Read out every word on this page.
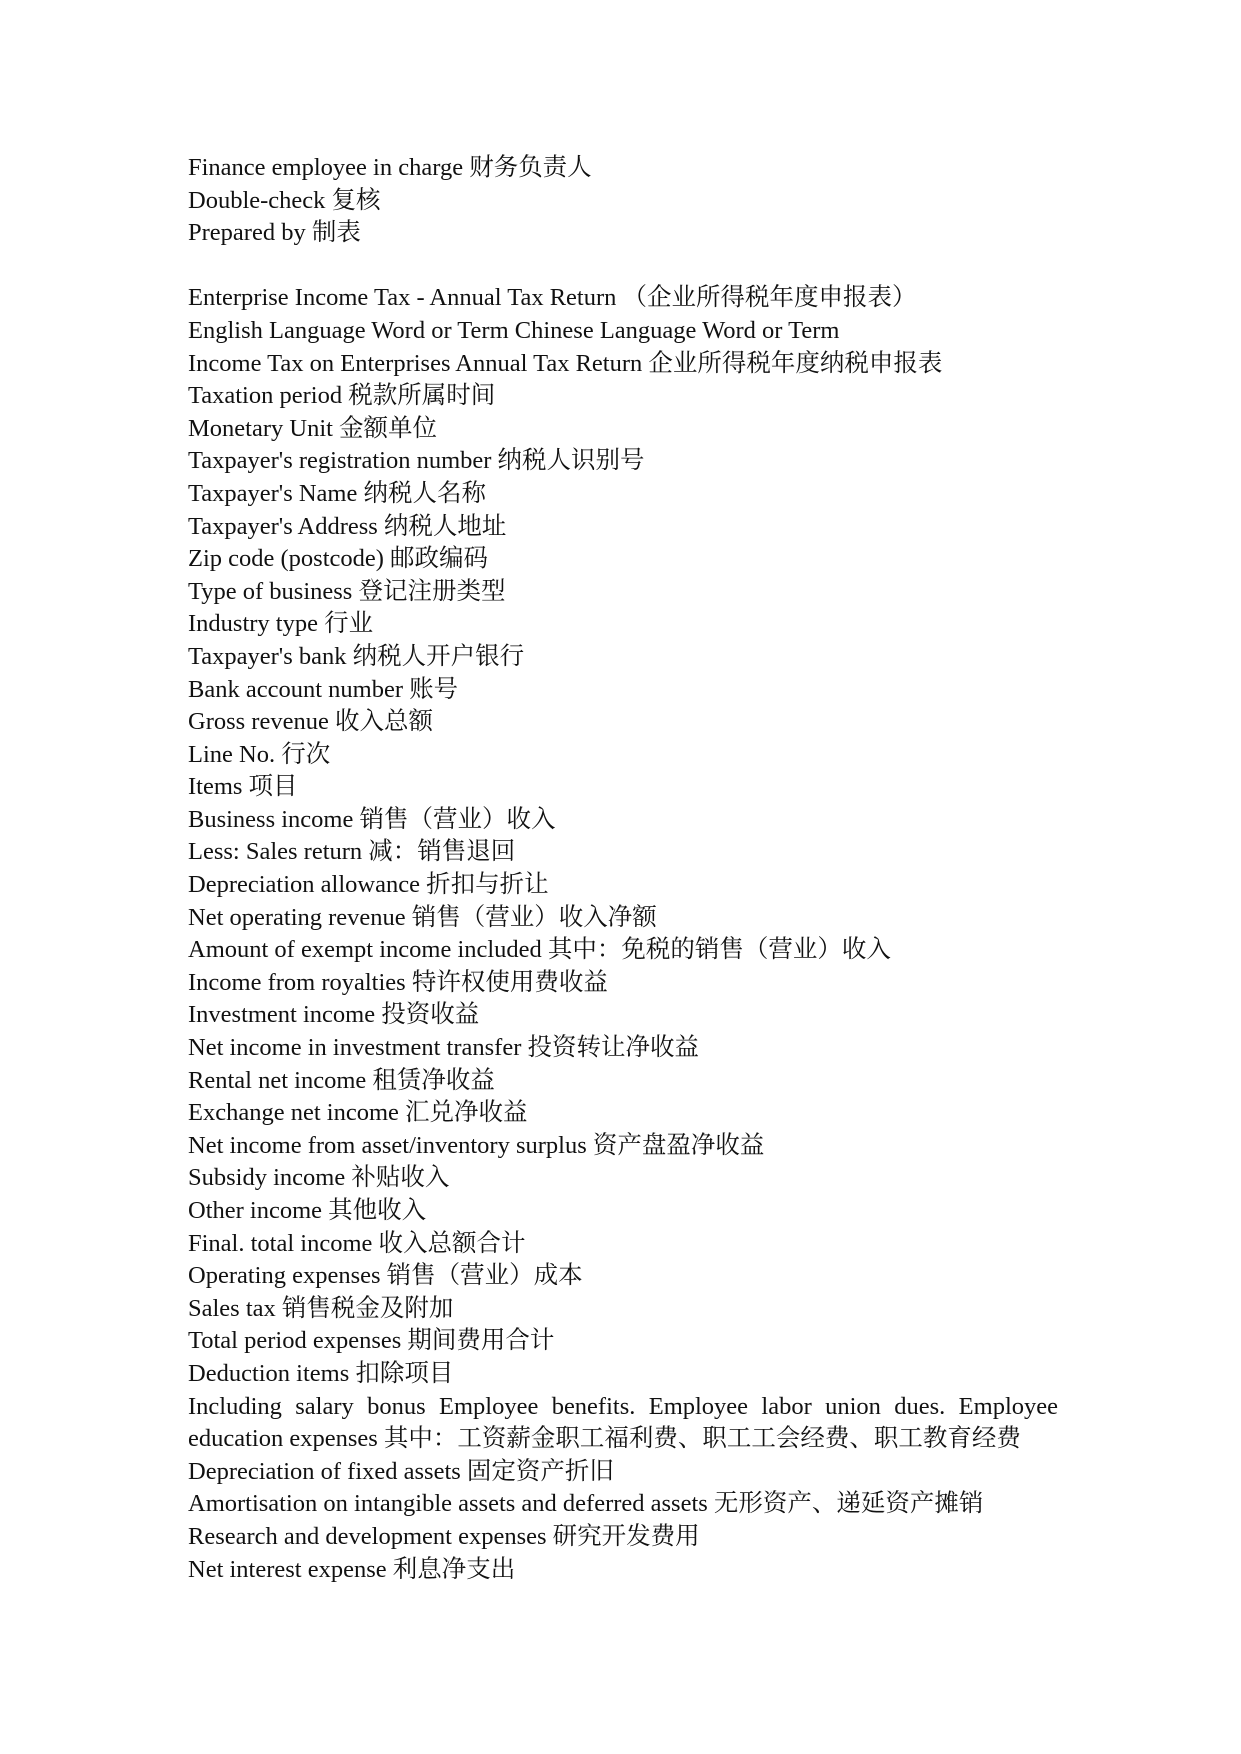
Finance employee in charge 财务负责人

Double-check 复核

Prepared by 制表

Enterprise Income Tax - Annual Tax Return （企业所得税年度申报表）

English Language Word or Term Chinese Language Word or Term

Income Tax on Enterprises Annual Tax Return 企业所得税年度纳税申报表

Taxation period 税款所属时间

Monetary Unit 金额单位

Taxpayer's registration number 纳税人识别号

Taxpayer's Name 纳税人名称

Taxpayer's Address 纳税人地址

Zip code (postcode) 邮政编码

Type of business 登记注册类型

Industry type 行业

Taxpayer's bank 纳税人开户银行

Bank account number 账号

Gross revenue 收入总额

Line No. 行次

Items 项目

Business income 销售（营业）收入

Less: Sales return 减：销售退回

Depreciation allowance 折扣与折让

Net operating revenue 销售（营业）收入净额

Amount of exempt income included 其中：免税的销售（营业）收入

Income from royalties 特许权使用费收益

Investment income 投资收益

Net income in investment transfer 投资转让净收益

Rental net income 租赁净收益

Exchange net income 汇兑净收益

Net income from asset/inventory surplus 资产盘盈净收益

Subsidy income 补贴收入

Other income 其他收入

Final. total income 收入总额合计

Operating expenses 销售（营业）成本

Sales tax 销售税金及附加

Total period expenses 期间费用合计

Deduction items 扣除项目

Including salary bonus Employee benefits. Employee labor union dues. Employee education expenses 其中：工资薪金职工福利费、职工工会经费、职工教育经费

Depreciation of fixed assets 固定资产折旧

Amortisation on intangible assets and deferred assets 无形资产、递延资产摊销

Research and development expenses 研究开发费用

Net interest expense 利息净支出
